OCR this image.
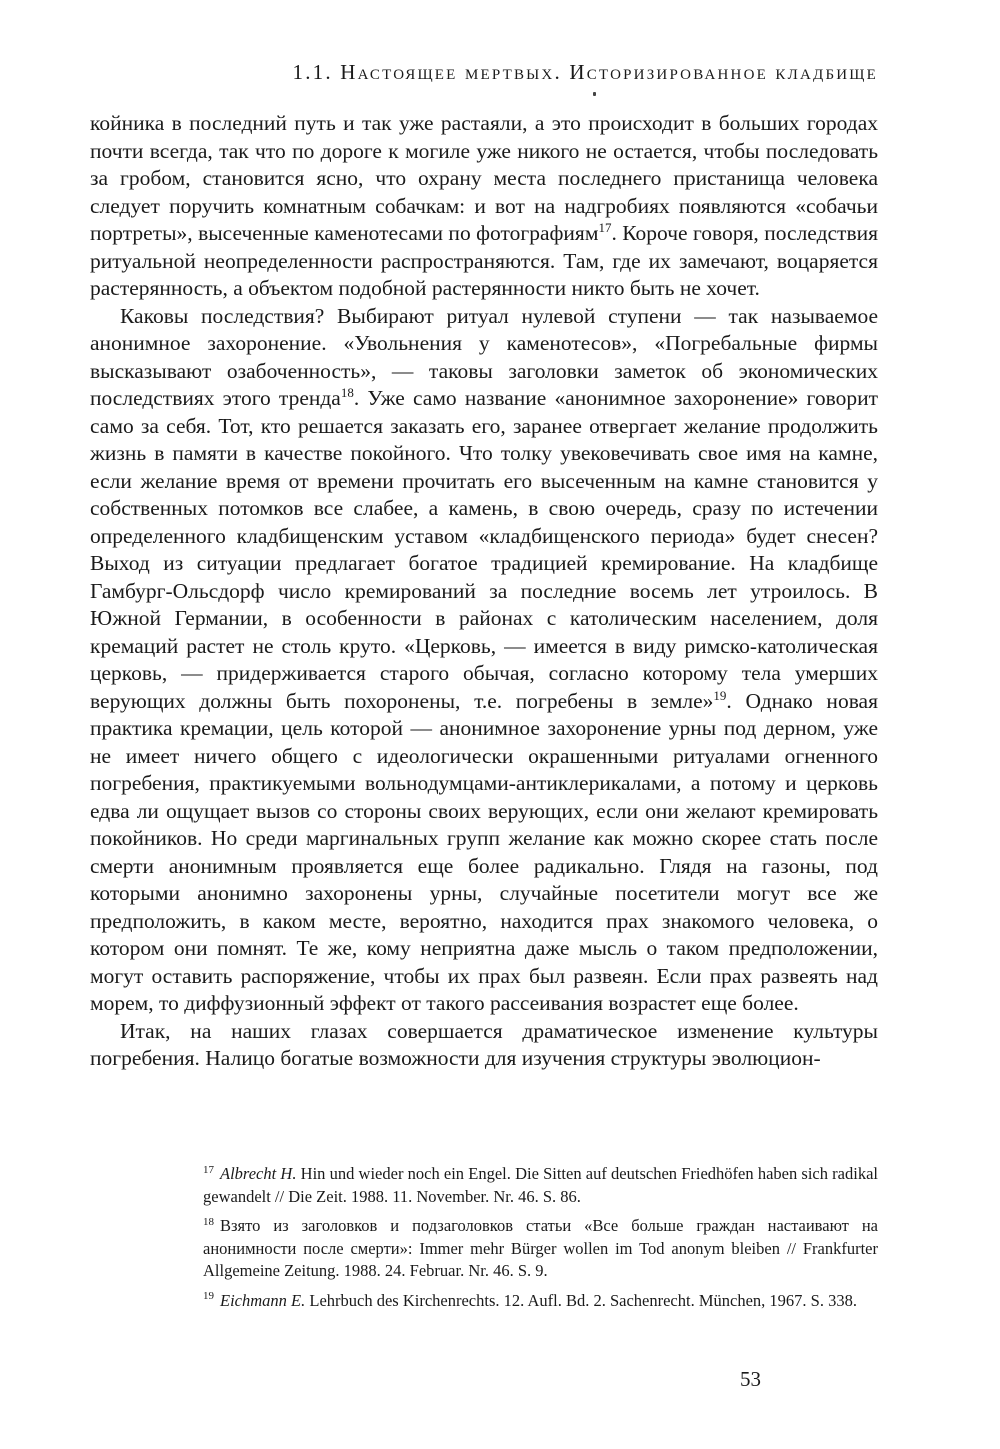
1.1. Настоящее мертвых. Историзированное кладбище

койника в последний путь и так уже растаяли, а это происходит в больших городах почти всегда, так что по дороге к могиле уже никого не остается, чтобы последовать за гробом, становится ясно, что охрану места последнего пристанища человека следует поручить комнатным собачкам: и вот на надгробиях появляются «собачьи портреты», высеченные каменотесами по фотографиям$^{17}$. Короче говоря, последствия ритуальной неопределенности распространяются. Там, где их замечают, воцаряется растерянность, а объектом подобной растерянности никто быть не хочет.

Каковы последствия? Выбирают ритуал нулевой ступени — так называемое анонимное захоронение. «Увольнения у каменотесов», «Погребальные фирмы высказывают озабоченность», — таковы заголовки заметок об экономических последствиях этого тренда$^{18}$. Уже само название «анонимное захоронение» говорит само за себя. Тот, кто решается заказать его, заранее отвергает желание продолжить жизнь в памяти в качестве покойного. Что толку увековечивать свое имя на камне, если желание время от времени прочитать его высеченным на камне становится у собственных потомков все слабее, а камень, в свою очередь, сразу по истечении определенного кладбищенским уставом «кладбищенского периода» будет снесен? Выход из ситуации предлагает богатое традицией кремирование. На кладбище Гамбург-Ольсдорф число кремирований за последние восемь лет утроилось. В Южной Германии, в особенности в районах с католическим населением, доля кремаций растет не столь круто. «Церковь, — имеется в виду римско-католическая церковь, — придерживается старого обычая, согласно которому тела умерших верующих должны быть похоронены, т.е. погребены в земле»$^{19}$. Однако новая практика кремации, цель которой — анонимное захоронение урны под дерном, уже не имеет ничего общего с идеологически окрашенными ритуалами огненного погребения, практикуемыми вольнодумцами-антиклерикалами, а потому и церковь едва ли ощущает вызов со стороны своих верующих, если они желают кремировать покойников. Но среди маргинальных групп желание как можно скорее стать после смерти анонимным проявляется еще более радикально. Глядя на газоны, под которыми анонимно захоронены урны, случайные посетители могут все же предположить, в каком месте, вероятно, находится прах знакомого человека, о котором они помнят. Те же, кому неприятна даже мысль о таком предположении, могут оставить распоряжение, чтобы их прах был развеян. Если прах развеять над морем, то диффузионный эффект от такого рассеивания возрастет еще более.

Итак, на наших глазах совершается драматическое изменение культуры погребения. Налицо богатые возможности для изучения структуры эволюцион-

$^{17}$ Albrecht H. Hin und wieder noch ein Engel. Die Sitten auf deutschen Friedhöfen haben sich radikal gewandelt // Die Zeit. 1988. 11. November. Nr. 46. S. 86.

$^{18}$ Взято из заголовков и подзаголовков статьи «Все больше граждан настаивают на анонимности после смерти»: Immer mehr Bürger wollen im Tod anonym bleiben // Frankfurter Allgemeine Zeitung. 1988. 24. Februar. Nr. 46. S. 9.

$^{19}$ Eichmann E. Lehrbuch des Kirchenrechts. 12. Aufl. Bd. 2. Sachenrecht. München, 1967. S. 338.

53
